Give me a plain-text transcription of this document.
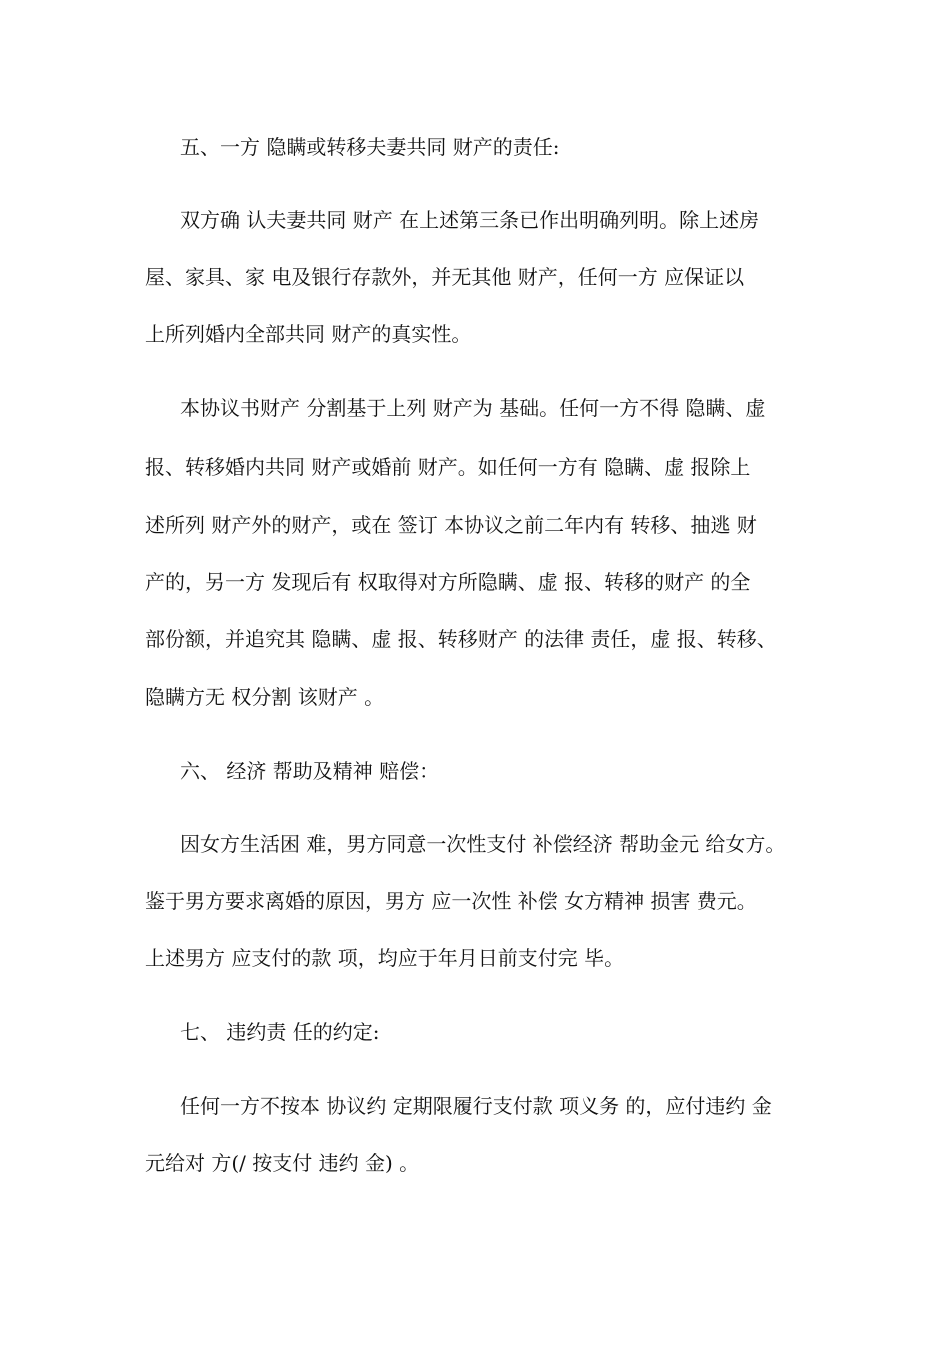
五、一方 隐瞒或转移夫妻共同 财产的责任:

双方确 认夫妻共同 财产 在上述第三条已作出明确列明。除上述房

屋、家具、家 电及银行存款外，并无其他 财产，任何一方 应保证以

上所列婚内全部共同 财产的真实性。

本协议书财产 分割基于上列 财产为 基础。任何一方不得 隐瞒、虚

报、转移婚内共同 财产或婚前 财产。如任何一方有 隐瞒、虚 报除上

述所列 财产外的财产，或在 签订 本协议之前二年内有 转移、抽逃 财

产的，另一方 发现后有 权取得对方所隐瞒、虚 报、转移的财产 的全

部份额，并追究其 隐瞒、虚 报、转移财产 的法律 责任，虚 报、转移、

隐瞒方无 权分割 该财产 。

六、 经济 帮助及精神 赔偿：

因女方生活困 难，男方同意一次性支付 补偿经济 帮助金元 给女方。

鉴于男方要求离婚的原因，男方 应一次性 补偿 女方精神 损害 费元。

上述男方 应支付的款 项，均应于年月日前支付完 毕。

七、 违约责 任的约定:

任何一方不按本 协议约 定期限履行支付款 项义务 的，应付违约 金

元给对 方(/ 按支付 违约 金) 。
